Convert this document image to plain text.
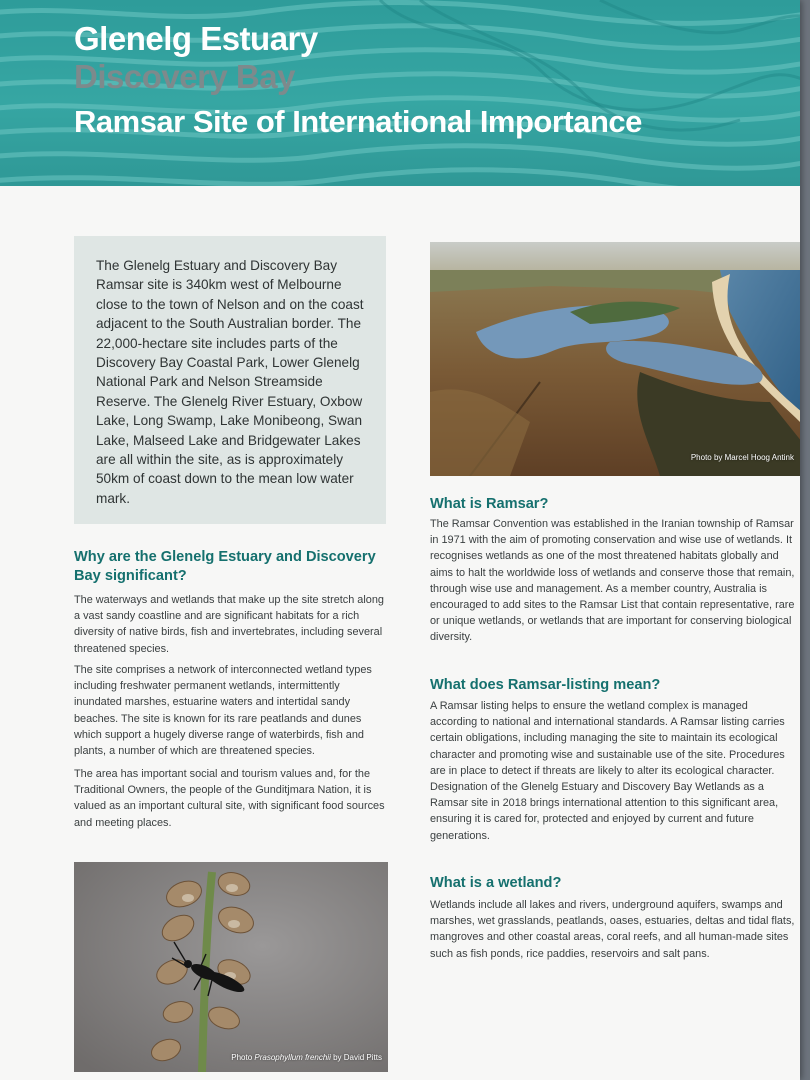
Glenelg Estuary
Discovery Bay
Ramsar Site of International Importance

The Glenelg Estuary and Discovery Bay Ramsar site is 340km west of Melbourne close to the town of Nelson and on the coast adjacent to the South Australian border. The 22,000-hectare site includes parts of the Discovery Bay Coastal Park, Lower Glenelg National Park and Nelson Streamside Reserve. The Glenelg River Estuary, Oxbow Lake, Long Swamp, Lake Monibeong, Swan Lake, Malseed Lake and Bridgewater Lakes are all within the site, as is approximately 50km of coast down to the mean low water mark.

Why are the Glenelg Estuary and Discovery Bay significant?

The waterways and wetlands that make up the site stretch along a vast sandy coastline and are significant habitats for a rich diversity of native birds, fish and invertebrates, including several threatened species.

The site comprises a network of interconnected wetland types including freshwater permanent wetlands, intermittently inundated marshes, estuarine waters and intertidal sandy beaches. The site is known for its rare peatlands and dunes which support a hugely diverse range of waterbirds, fish and plants, a number of which are threatened species.

The area has important social and tourism values and, for the Traditional Owners, the people of the Gunditjmara Nation, it is valued as an important cultural site, with significant food sources and meeting places.

Photo by Marcel Hoog Antink
What is Ramsar?

The Ramsar Convention was established in the Iranian township of Ramsar in 1971 with the aim of promoting conservation and wise use of wetlands. It recognises wetlands as one of the most threatened habitats globally and aims to halt the worldwide loss of wetlands and conserve those that remain, through wise use and management. As a member country, Australia is encouraged to add sites to the Ramsar List that contain representative, rare or unique wetlands, or wetlands that are important for conserving biological diversity.

What does Ramsar-listing mean?

A Ramsar listing helps to ensure the wetland complex is managed according to national and international standards. A Ramsar listing carries certain obligations, including managing the site to maintain its ecological character and promoting wise and sustainable use of the site. Procedures are in place to detect if threats are likely to alter its ecological character. Designation of the Glenelg Estuary and Discovery Bay Wetlands as a Ramsar site in 2018 brings international attention to this significant area, ensuring it is cared for, protected and enjoyed by current and future generations.

What is a wetland?

Wetlands include all lakes and rivers, underground aquifers, swamps and marshes, wet grasslands, peatlands, oases, estuaries, deltas and tidal flats, mangroves and other coastal areas, coral reefs, and all human-made sites such as fish ponds, rice paddies, reservoirs and salt pans.

Photo Prasophyllum frenchii by David Pitts
